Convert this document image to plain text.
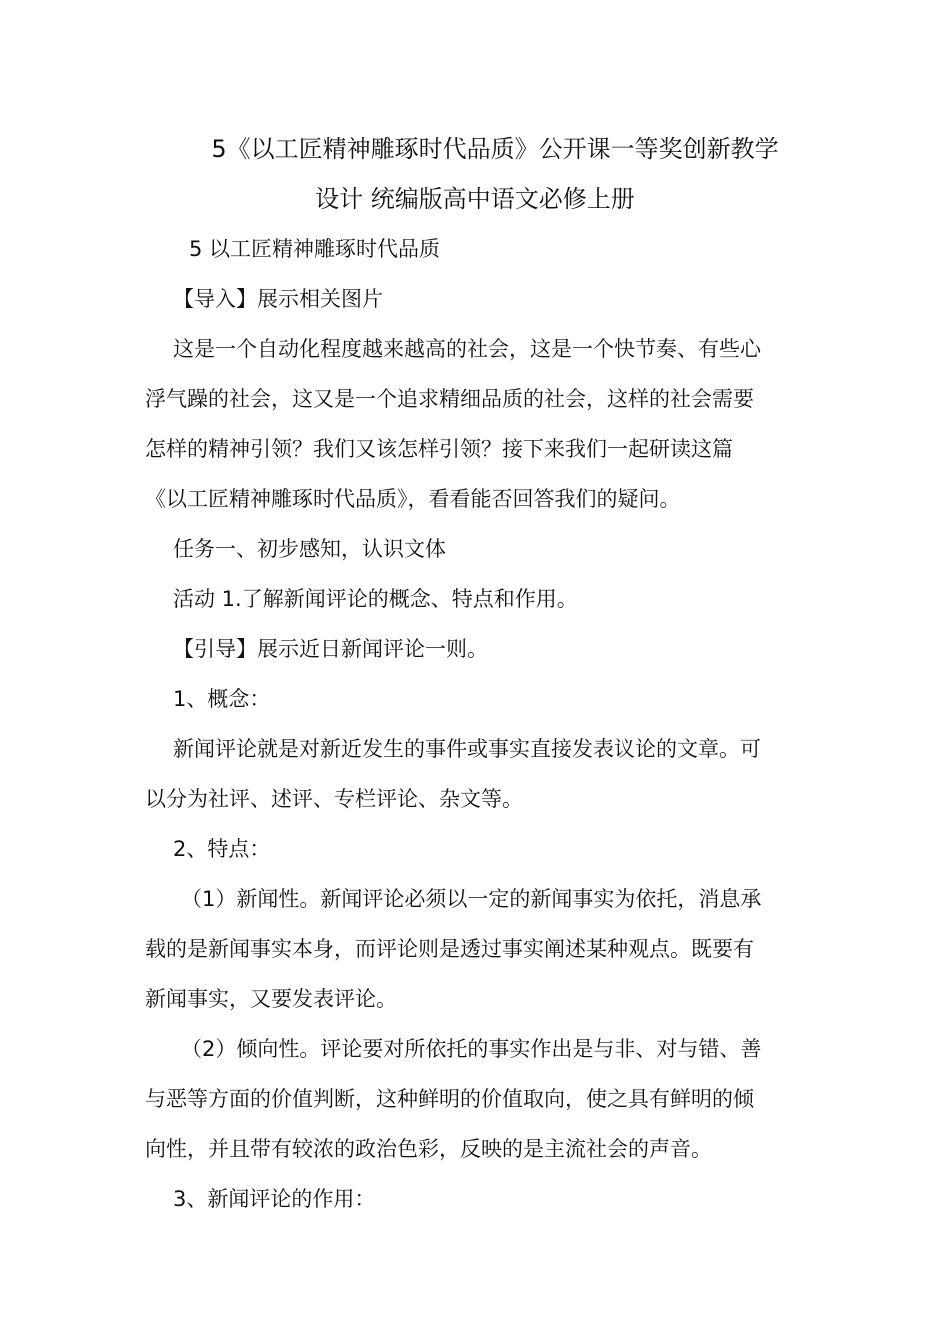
5《以工匠精神雕琢时代品质》公开课一等奖创新教学
设计 统编版高中语文必修上册
5 以工匠精神雕琢时代品质
【导入】展示相关图片
这是一个自动化程度越来越高的社会，这是一个快节奏、有些心
浮气躁的社会，这又是一个追求精细品质的社会，这样的社会需要
怎样的精神引领？我们又该怎样引领？接下来我们一起研读这篇
《以工匠精神雕琢时代品质》，看看能否回答我们的疑问。
任务一、初步感知，认识文体
活动 1.了解新闻评论的概念、特点和作用。
【引导】展示近日新闻评论一则。
1、概念：
新闻评论就是对新近发生的事件或事实直接发表议论的文章。可
以分为社评、述评、专栏评论、杂文等。
2、特点：
（1）新闻性。新闻评论必须以一定的新闻事实为依托，消息承
载的是新闻事实本身，而评论则是透过事实阐述某种观点。既要有
新闻事实，又要发表评论。
（2）倾向性。评论要对所依托的事实作出是与非、对与错、善
与恶等方面的价值判断，这种鲜明的价值取向，使之具有鲜明的倾
向性，并且带有较浓的政治色彩，反映的是主流社会的声音。
3、新闻评论的作用：
